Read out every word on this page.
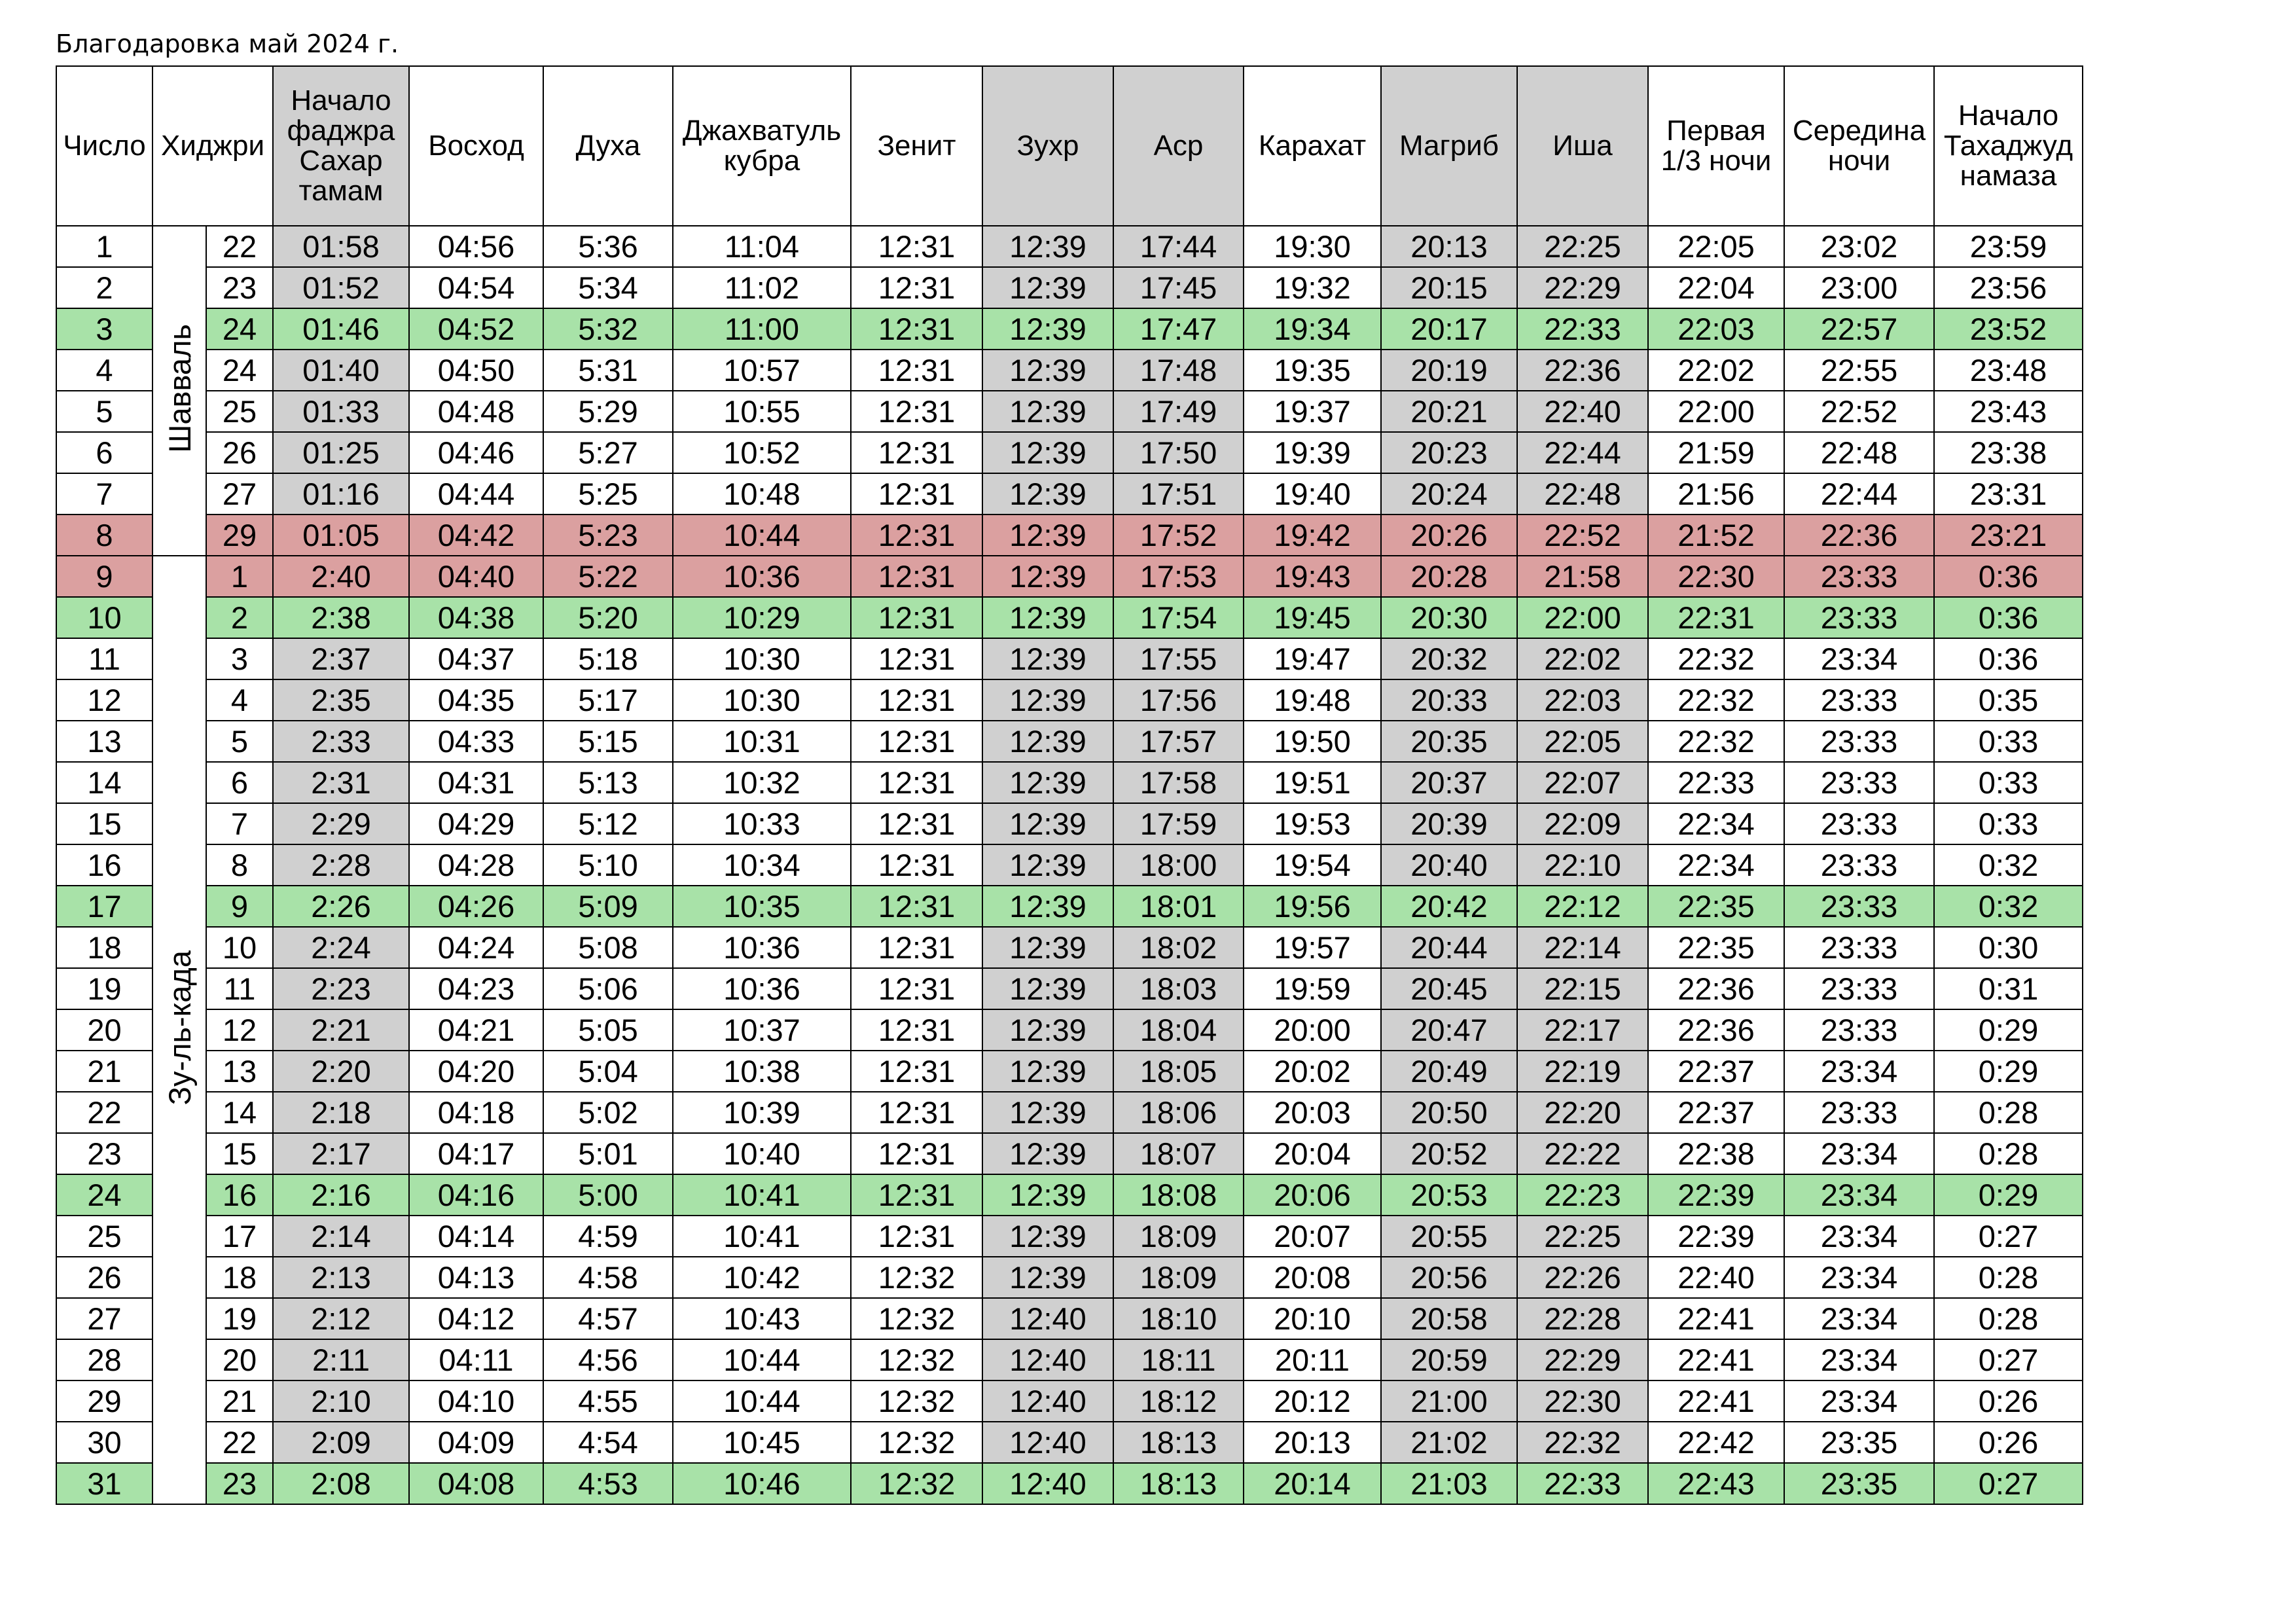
Благодаровка май 2024 г.
Число	Хиджри		Начало
фаджра
Сахар
тамам	Восход	Духа	Джахватуль
кубра	Зенит	Зухр	Аср	Карахат	Магриб	Иша	Первая
1/3 ночи	Середина
ночи	Начало
Тахаджуд
намаза
1	Шавваль	22	01:58	04:56	5:36	11:04	12:31	12:39	17:44	19:30	20:13	22:25	22:05	23:02	23:59
2		23	01:52	04:54	5:34	11:02	12:31	12:39	17:45	19:32	20:15	22:29	22:04	23:00	23:56
3		24	01:46	04:52	5:32	11:00	12:31	12:39	17:47	19:34	20:17	22:33	22:03	22:57	23:52
4		24	01:40	04:50	5:31	10:57	12:31	12:39	17:48	19:35	20:19	22:36	22:02	22:55	23:48
5		25	01:33	04:48	5:29	10:55	12:31	12:39	17:49	19:37	20:21	22:40	22:00	22:52	23:43
6		26	01:25	04:46	5:27	10:52	12:31	12:39	17:50	19:39	20:23	22:44	21:59	22:48	23:38
7		27	01:16	04:44	5:25	10:48	12:31	12:39	17:51	19:40	20:24	22:48	21:56	22:44	23:31
8		29	01:05	04:42	5:23	10:44	12:31	12:39	17:52	19:42	20:26	22:52	21:52	22:36	23:21
9	Зу-ль-када	1	2:40	04:40	5:22	10:36	12:31	12:39	17:53	19:43	20:28	21:58	22:30	23:33	0:36
10		2	2:38	04:38	5:20	10:29	12:31	12:39	17:54	19:45	20:30	22:00	22:31	23:33	0:36
11		3	2:37	04:37	5:18	10:30	12:31	12:39	17:55	19:47	20:32	22:02	22:32	23:34	0:36
12		4	2:35	04:35	5:17	10:30	12:31	12:39	17:56	19:48	20:33	22:03	22:32	23:33	0:35
13		5	2:33	04:33	5:15	10:31	12:31	12:39	17:57	19:50	20:35	22:05	22:32	23:33	0:33
14		6	2:31	04:31	5:13	10:32	12:31	12:39	17:58	19:51	20:37	22:07	22:33	23:33	0:33
15		7	2:29	04:29	5:12	10:33	12:31	12:39	17:59	19:53	20:39	22:09	22:34	23:33	0:33
16		8	2:28	04:28	5:10	10:34	12:31	12:39	18:00	19:54	20:40	22:10	22:34	23:33	0:32
17		9	2:26	04:26	5:09	10:35	12:31	12:39	18:01	19:56	20:42	22:12	22:35	23:33	0:32
18		10	2:24	04:24	5:08	10:36	12:31	12:39	18:02	19:57	20:44	22:14	22:35	23:33	0:30
19		11	2:23	04:23	5:06	10:36	12:31	12:39	18:03	19:59	20:45	22:15	22:36	23:33	0:31
20		12	2:21	04:21	5:05	10:37	12:31	12:39	18:04	20:00	20:47	22:17	22:36	23:33	0:29
21		13	2:20	04:20	5:04	10:38	12:31	12:39	18:05	20:02	20:49	22:19	22:37	23:34	0:29
22		14	2:18	04:18	5:02	10:39	12:31	12:39	18:06	20:03	20:50	22:20	22:37	23:33	0:28
23		15	2:17	04:17	5:01	10:40	12:31	12:39	18:07	20:04	20:52	22:22	22:38	23:34	0:28
24		16	2:16	04:16	5:00	10:41	12:31	12:39	18:08	20:06	20:53	22:23	22:39	23:34	0:29
25		17	2:14	04:14	4:59	10:41	12:31	12:39	18:09	20:07	20:55	22:25	22:39	23:34	0:27
26		18	2:13	04:13	4:58	10:42	12:32	12:39	18:09	20:08	20:56	22:26	22:40	23:34	0:28
27		19	2:12	04:12	4:57	10:43	12:32	12:40	18:10	20:10	20:58	22:28	22:41	23:34	0:28
28		20	2:11	04:11	4:56	10:44	12:32	12:40	18:11	20:11	20:59	22:29	22:41	23:34	0:27
29		21	2:10	04:10	4:55	10:44	12:32	12:40	18:12	20:12	21:00	22:30	22:41	23:34	0:26
30		22	2:09	04:09	4:54	10:45	12:32	12:40	18:13	20:13	21:02	22:32	22:42	23:35	0:26
31		23	2:08	04:08	4:53	10:46	12:32	12:40	18:13	20:14	21:03	22:33	22:43	23:35	0:27
